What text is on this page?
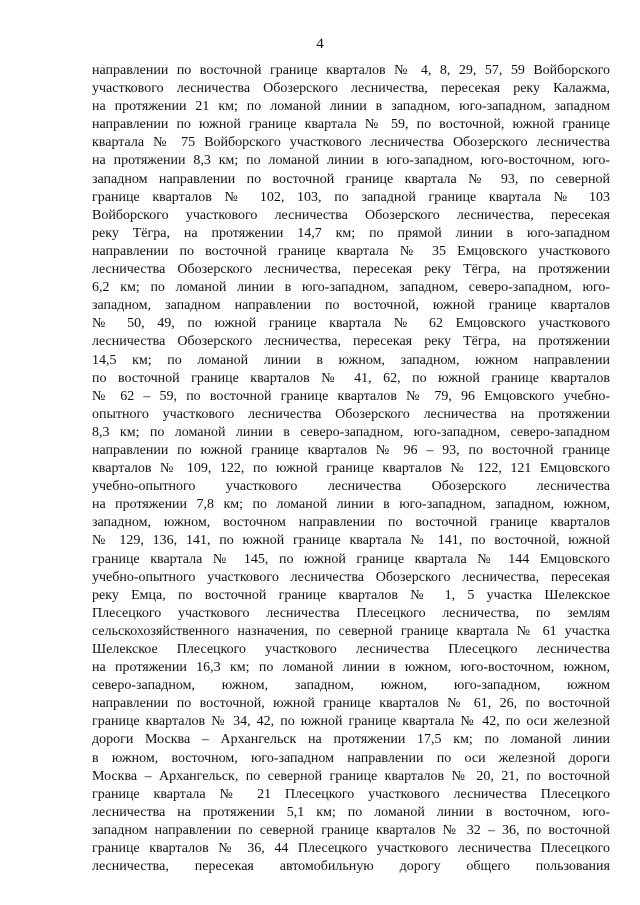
4
направлении по восточной границе кварталов № 4, 8, 29, 57, 59 Войборского
участкового лесничества Обозерского лесничества, пересекая реку Калажма,
на протяжении 21 км; по ломаной линии в западном, юго-западном, западном
направлении по южной границе квартала № 59, по восточной, южной границе
квартала № 75 Войборского участкового лесничества Обозерского лесничества
на протяжении 8,3 км; по ломаной линии в юго-западном, юго-восточном, юго-
западном направлении по восточной границе квартала № 93, по северной
границе кварталов № 102, 103, по западной границе квартала № 103
Войборского участкового лесничества Обозерского лесничества, пересекая
реку Тёгра, на протяжении 14,7 км; по прямой линии в юго-западном
направлении по восточной границе квартала № 35 Емцовского участкового
лесничества Обозерского лесничества, пересекая реку Тёгра, на протяжении
6,2 км; по ломаной линии в юго-западном, западном, северо-западном, юго-
западном, западном направлении по восточной, южной границе кварталов
№ 50, 49, по южной границе квартала № 62 Емцовского участкового
лесничества Обозерского лесничества, пересекая реку Тёгра, на протяжении
14,5 км; по ломаной линии в южном, западном, южном направлении
по восточной границе кварталов № 41, 62, по южной границе кварталов
№ 62 – 59, по восточной границе кварталов № 79, 96 Емцовского учебно-
опытного участкового лесничества Обозерского лесничества на протяжении
8,3 км; по ломаной линии в северо-западном, юго-западном, северо-западном
направлении по южной границе кварталов № 96 – 93, по восточной границе
кварталов № 109, 122, по южной границе кварталов № 122, 121 Емцовского
учебно-опытного участкового лесничества Обозерского лесничества
на протяжении 7,8 км; по ломаной линии в юго-западном, западном, южном,
западном, южном, восточном направлении по восточной границе кварталов
№ 129, 136, 141, по южной границе квартала № 141, по восточной, южной
границе квартала № 145, по южной границе квартала № 144 Емцовского
учебно-опытного участкового лесничества Обозерского лесничества, пересекая
реку Емца, по восточной границе кварталов № 1, 5 участка Шелекское
Плесецкого участкового лесничества Плесецкого лесничества, по землям
сельскохозяйственного назначения, по северной границе квартала № 61 участка
Шелекское Плесецкого участкового лесничества Плесецкого лесничества
на протяжении 16,3 км; по ломаной линии в южном, юго-восточном, южном,
северо-западном, южном, западном, южном, юго-западном, южном
направлении по восточной, южной границе кварталов № 61, 26, по восточной
границе кварталов № 34, 42, по южной границе квартала № 42, по оси железной
дороги Москва – Архангельск на протяжении 17,5 км; по ломаной линии
в южном, восточном, юго-западном направлении по оси железной дороги
Москва – Архангельск, по северной границе кварталов № 20, 21, по восточной
границе квартала № 21 Плесецкого участкового лесничества Плесецкого
лесничества на протяжении 5,1 км; по ломаной линии в восточном, юго-
западном направлении по северной границе кварталов № 32 – 36, по восточной
границе кварталов № 36, 44 Плесецкого участкового лесничества Плесецкого
лесничества, пересекая автомобильную дорогу общего пользования
